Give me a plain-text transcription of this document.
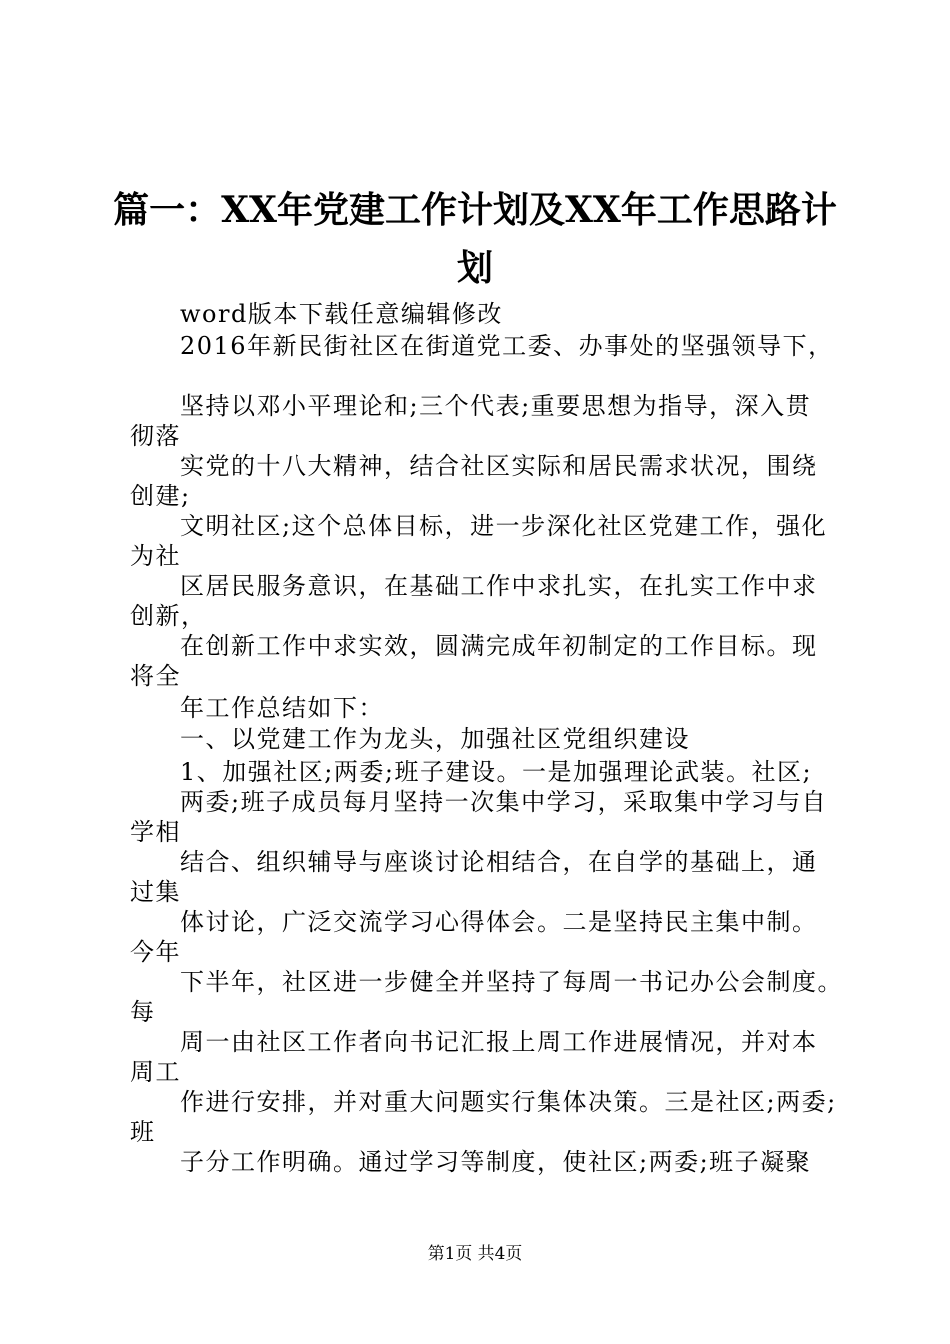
篇一：XX年党建工作计划及XX年工作思路计
划
word版本下载任意编辑修改
2016年新民街社区在街道党工委、办事处的坚强领导下，
坚持以邓小平理论和;三个代表;重要思想为指导，深入贯
彻落
实党的十八大精神，结合社区实际和居民需求状况，围绕
创建;
文明社区;这个总体目标，进一步深化社区党建工作，强化
为社
区居民服务意识，在基础工作中求扎实，在扎实工作中求
创新，
在创新工作中求实效，圆满完成年初制定的工作目标。现
将全
年工作总结如下：
一、以党建工作为龙头，加强社区党组织建设
1、加强社区;两委;班子建设。一是加强理论武装。社区;
两委;班子成员每月坚持一次集中学习，采取集中学习与自
学相
结合、组织辅导与座谈讨论相结合，在自学的基础上，通
过集
体讨论，广泛交流学习心得体会。二是坚持民主集中制。
今年
下半年，社区进一步健全并坚持了每周一书记办公会制度。
每
周一由社区工作者向书记汇报上周工作进展情况，并对本
周工
作进行安排，并对重大问题实行集体决策。三是社区;两委;
班
子分工作明确。通过学习等制度，使社区;两委;班子凝聚
第1页 共4页
